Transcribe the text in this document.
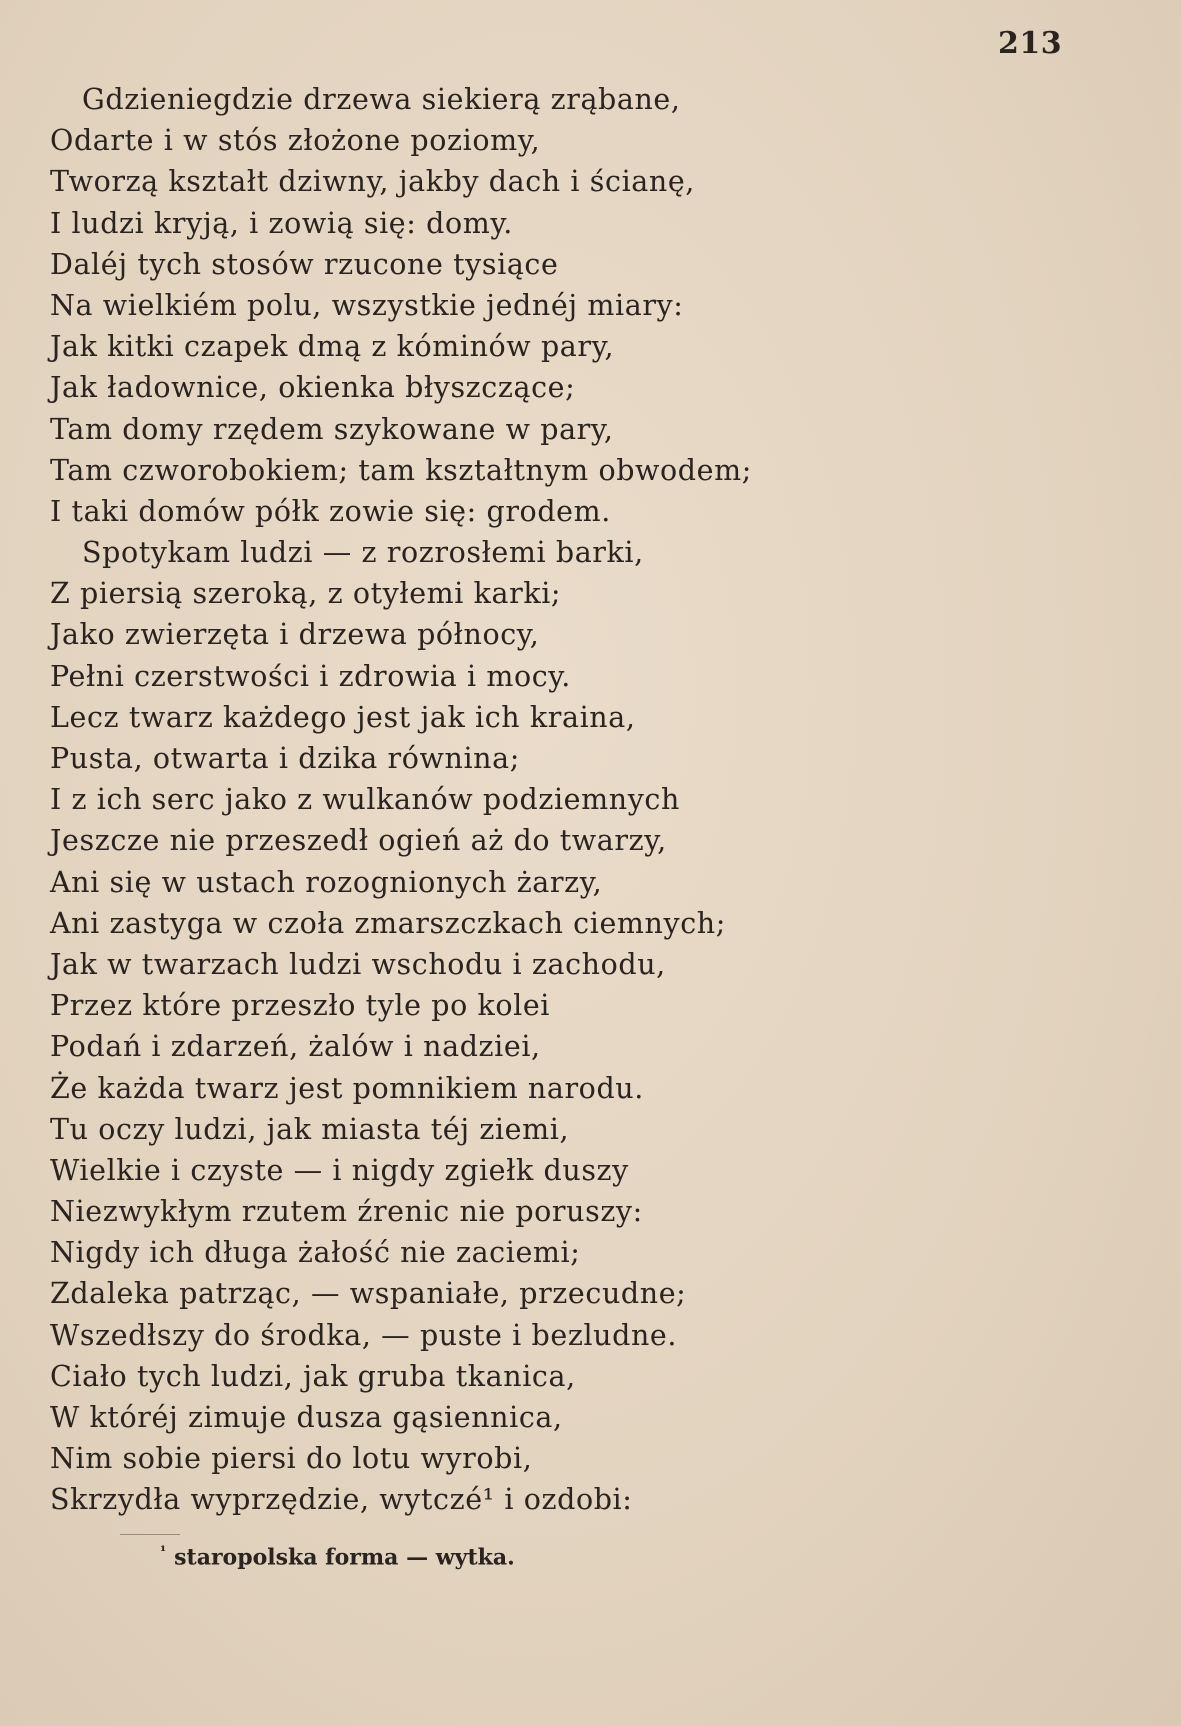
213
Gdzieniegdzie drzewa siekierą zrąbane,
Odarte i w stós złożone poziomy,
Tworzą kształt dziwny, jakby dach i ścianę,
I ludzi kryją, i zowią się: domy.
Daléj tych stosów rzucone tysiące
Na wielkiém polu, wszystkie jednéj miary:
Jak kitki czapek dmą z kóminów pary,
Jak ładownice, okienka błyszczące;
Tam domy rzędem szykowane w pary,
Tam czworobokiem; tam kształtnym obwodem;
I taki domów półk zowie się: grodem.
Spotykam ludzi — z rozrosłemi barki,
Z piersią szeroką, z otyłemi karki;
Jako zwierzęta i drzewa północy,
Pełni czerstwości i zdrowia i mocy.
Lecz twarz każdego jest jak ich kraina,
Pusta, otwarta i dzika równina;
I z ich serc jako z wulkanów podziemnych
Jeszcze nie przeszedł ogień aż do twarzy,
Ani się w ustach rozognionych żarzy,
Ani zastyga w czoła zmarszczkach ciemnych;
Jak w twarzach ludzi wschodu i zachodu,
Przez które przeszło tyle po kolei
Podań i zdarzeń, żalów i nadziei,
Że każda twarz jest pomnikiem narodu.
Tu oczy ludzi, jak miasta téj ziemi,
Wielkie i czyste — i nigdy zgiełk duszy
Niezwykłym rzutem źrenic nie poruszy:
Nigdy ich długa żałość nie zaciemi;
Zdaleka patrząc, — wspaniałe, przecudne;
Wszedłszy do środka, — puste i bezludne.
Ciało tych ludzi, jak gruba tkanica,
W któréj zimuje dusza gąsiennica,
Nim sobie piersi do lotu wyrobi,
Skrzydła wyprzędzie, wytczé¹ i ozdobi:
$^{^1}$ staropolska forma — wytka.
